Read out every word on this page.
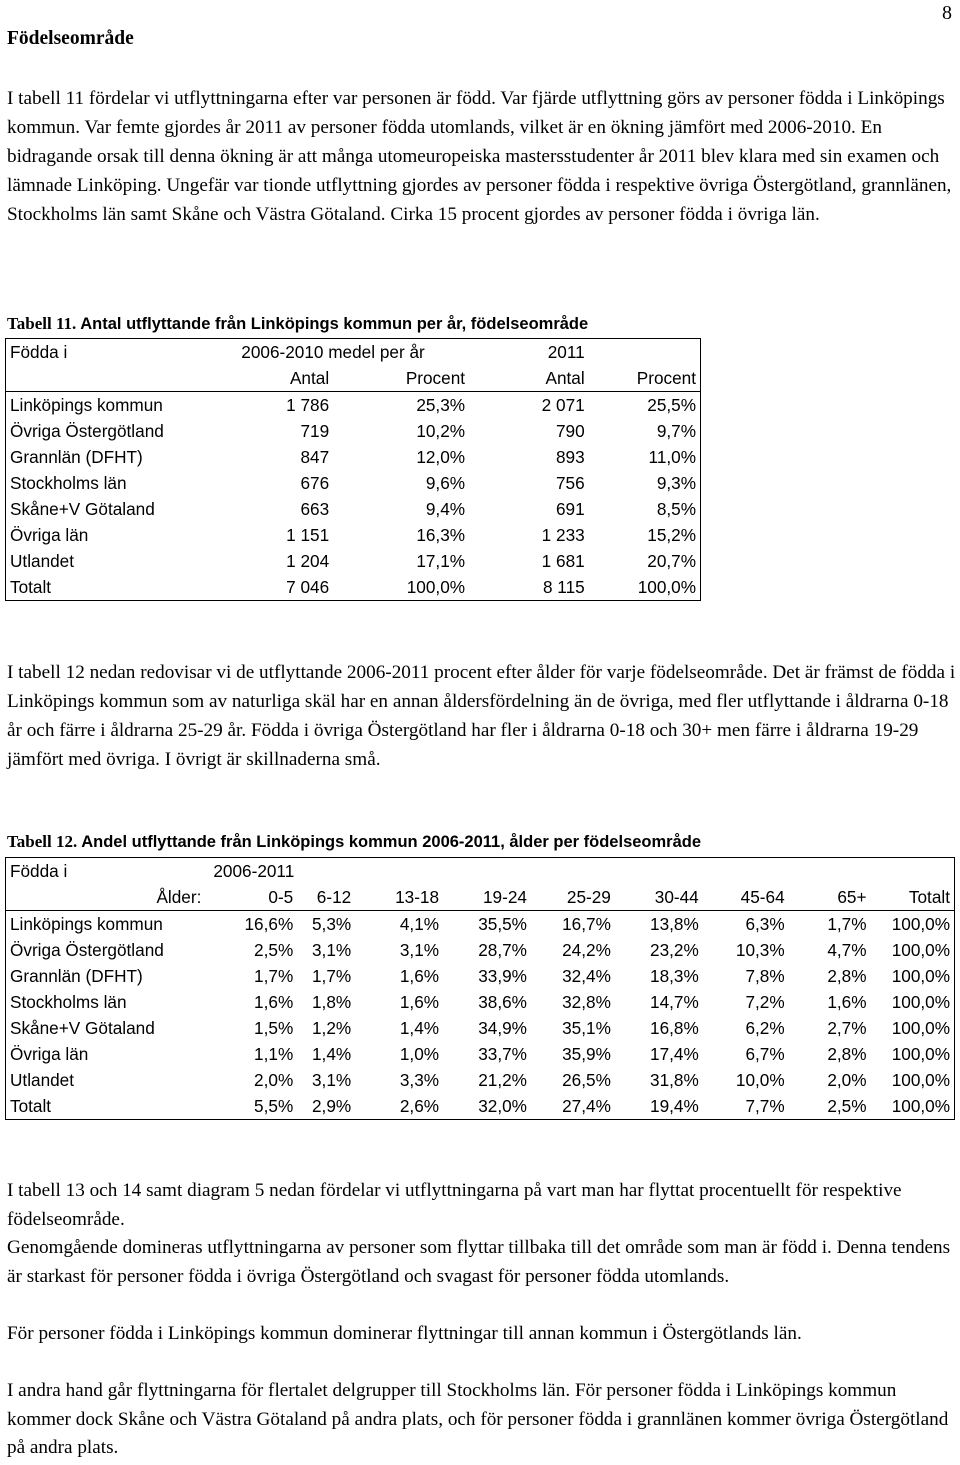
8
Födelseområde

I tabell 11 fördelar vi utflyttningarna efter var personen är född. Var fjärde utflyttning görs av personer födda i Linköpings kommun. Var femte gjordes år 2011 av personer födda utomlands, vilket är en ökning jämfört med 2006-2010. En bidragande orsak till denna ökning är att många utomeuropeiska mastersstudenter år 2011 blev klara med sin examen och lämnade Linköping. Ungefär var tionde utflyttning gjordes av personer födda i respektive övriga Östergötland, grannlänen, Stockholms län samt Skåne och Västra Götaland. Cirka 15 procent gjordes av personer födda i övriga län.

Tabell 11. Antal utflyttande från Linköpings kommun per år, födelseområde
Födda i	2006-2010 medel per år		2011	
	Antal	Procent	Antal	Procent
Linköpings kommun	1 786	25,3%	2 071	25,5%
Övriga Östergötland	719	10,2%	790	9,7%
Grannlän (DFHT)	847	12,0%	893	11,0%
Stockholms län	676	9,6%	756	9,3%
Skåne+V Götaland	663	9,4%	691	8,5%
Övriga län	1 151	16,3%	1 233	15,2%
Utlandet	1 204	17,1%	1 681	20,7%
Totalt	7 046	100,0%	8 115	100,0%

I tabell 12 nedan redovisar vi de utflyttande 2006-2011 procent efter ålder för varje födelseområde. Det är främst de födda i Linköpings kommun som av naturliga skäl har en annan åldersfördelning än de övriga, med fler utflyttande i åldrarna 0-18 år och färre i åldrarna 25-29 år. Födda i övriga Östergötland har fler i åldrarna 0-18 och 30+ men färre i åldrarna 19-29 jämfört med övriga. I övrigt är skillnaderna små.

Tabell 12. Andel utflyttande från Linköpings kommun 2006-2011, ålder per födelseområde
Födda i	2006-2011								
Ålder:	0-5	6-12	13-18	19-24	25-29	30-44	45-64	65+	Totalt
Linköpings kommun	16,6%	5,3%	4,1%	35,5%	16,7%	13,8%	6,3%	1,7%	100,0%
Övriga Östergötland	2,5%	3,1%	3,1%	28,7%	24,2%	23,2%	10,3%	4,7%	100,0%
Grannlän (DFHT)	1,7%	1,7%	1,6%	33,9%	32,4%	18,3%	7,8%	2,8%	100,0%
Stockholms län	1,6%	1,8%	1,6%	38,6%	32,8%	14,7%	7,2%	1,6%	100,0%
Skåne+V Götaland	1,5%	1,2%	1,4%	34,9%	35,1%	16,8%	6,2%	2,7%	100,0%
Övriga län	1,1%	1,4%	1,0%	33,7%	35,9%	17,4%	6,7%	2,8%	100,0%
Utlandet	2,0%	3,1%	3,3%	21,2%	26,5%	31,8%	10,0%	2,0%	100,0%
Totalt	5,5%	2,9%	2,6%	32,0%	27,4%	19,4%	7,7%	2,5%	100,0%

I tabell 13 och 14 samt diagram 5 nedan fördelar vi utflyttningarna på vart man har flyttat procentuellt för respektive födelseområde.

Genomgående domineras utflyttningarna av personer som flyttar tillbaka till det område som man är född i. Denna tendens är starkast för personer födda i övriga Östergötland och svagast för personer födda utomlands.

För personer födda i Linköpings kommun dominerar flyttningar till annan kommun i Östergötlands län.

I andra hand går flyttningarna för flertalet delgrupper till Stockholms län. För personer födda i Linköpings kommun kommer dock Skåne och Västra Götaland på andra plats, och för personer födda i grannlänen kommer övriga Östergötland på andra plats.
